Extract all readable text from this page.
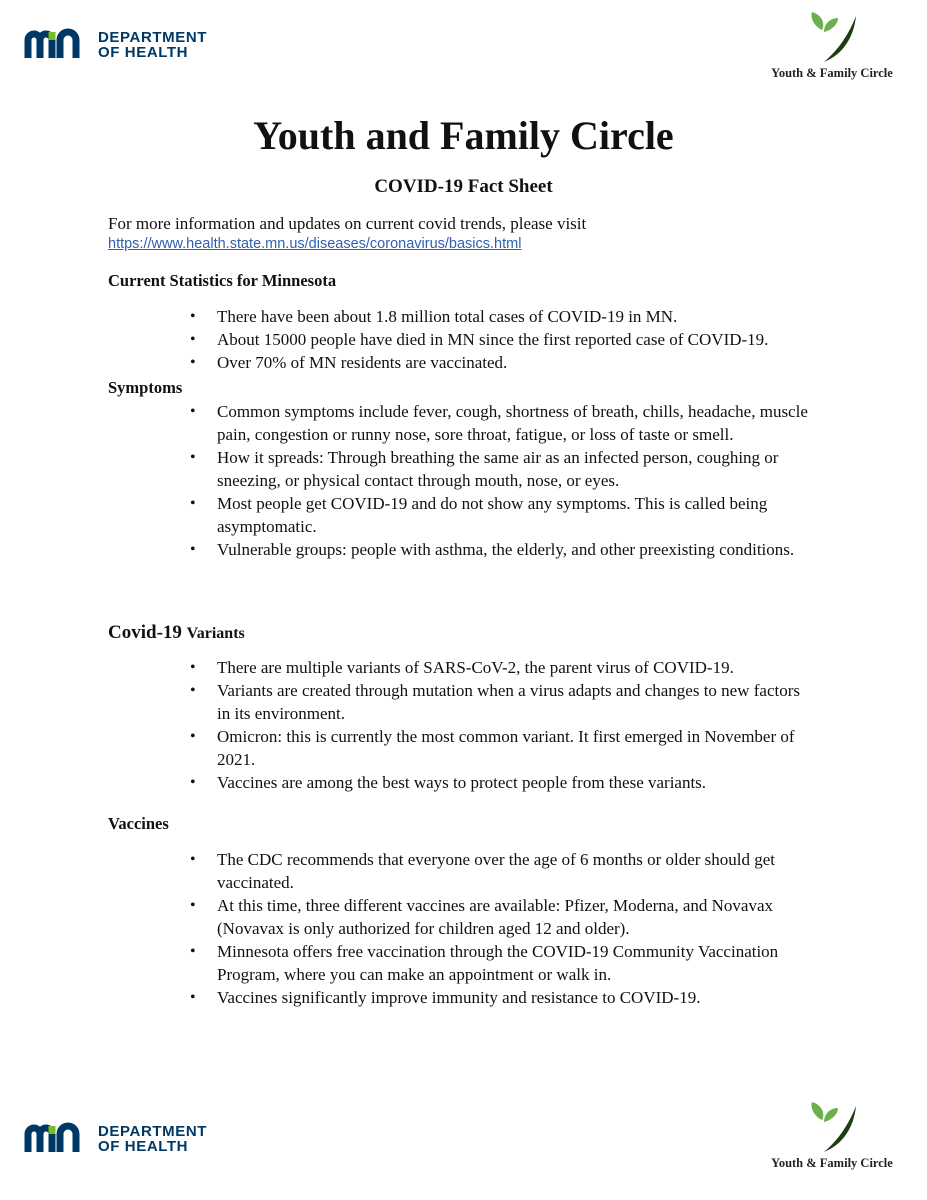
DEPARTMENT
OF HEALTH
Youth & Family Circle
Youth and Family Circle
COVID-19 Fact Sheet
For more information and updates on current covid trends, please visit
https://www.health.state.mn.us/diseases/coronavirus/basics.html

Current Statistics for Minnesota

• There have been about 1.8 million total cases of COVID-19 in MN.
• About 15000 people have died in MN since the first reported case of COVID-19.
• Over 70% of MN residents are vaccinated.

Symptoms

• Common symptoms include fever, cough, shortness of breath, chills, headache, muscle pain, congestion or runny nose, sore throat, fatigue, or loss of taste or smell.
• How it spreads: Through breathing the same air as an infected person, coughing or sneezing, or physical contact through mouth, nose, or eyes.
• Most people get COVID-19 and do not show any symptoms. This is called being asymptomatic.
• Vulnerable groups: people with asthma, the elderly, and other preexisting conditions.

Covid-19 Variants

• There are multiple variants of SARS-CoV-2, the parent virus of COVID-19.
• Variants are created through mutation when a virus adapts and changes to new factors in its environment.
• Omicron: this is currently the most common variant. It first emerged in November of 2021.
• Vaccines are among the best ways to protect people from these variants.

Vaccines

• The CDC recommends that everyone over the age of 6 months or older should get vaccinated.
• At this time, three different vaccines are available: Pfizer, Moderna, and Novavax (Novavax is only authorized for children aged 12 and older).
• Minnesota offers free vaccination through the COVID-19 Community Vaccination Program, where you can make an appointment or walk in.
• Vaccines significantly improve immunity and resistance to COVID-19.
DEPARTMENT
OF HEALTH
Youth & Family Circle
